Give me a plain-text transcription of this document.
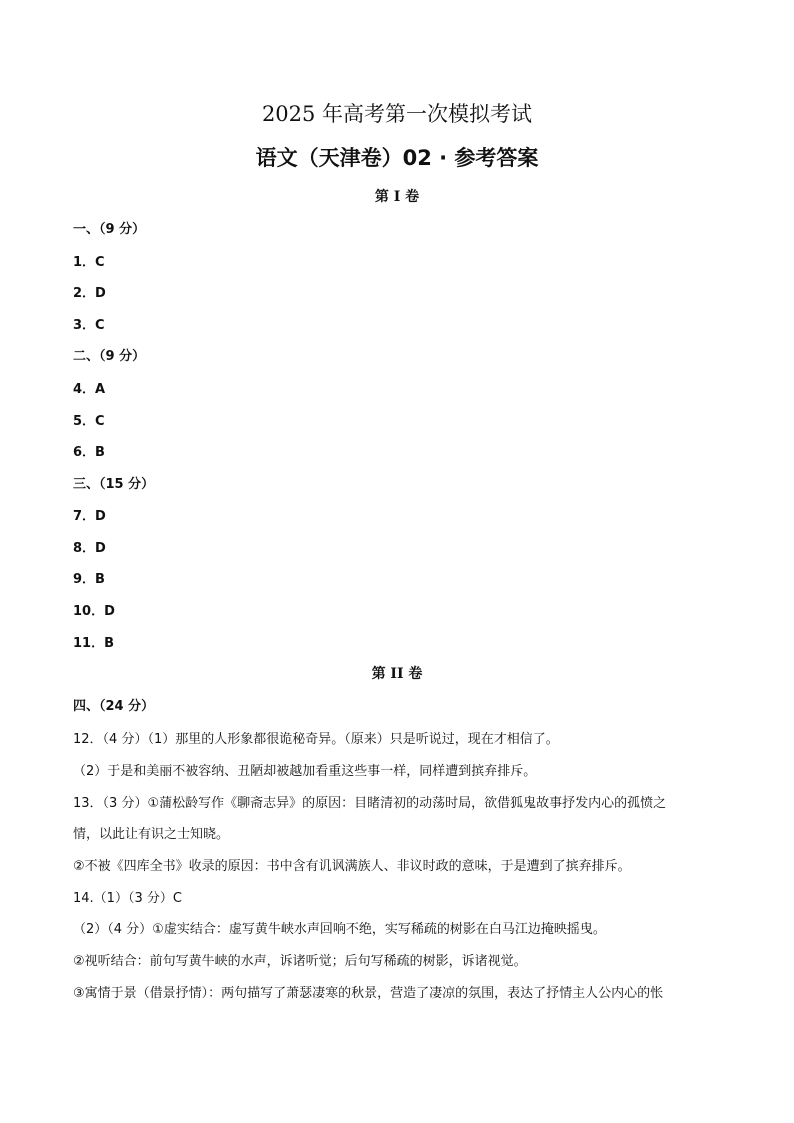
2025 年高考第一次模拟考试
语文（天津卷）02 · 参考答案
第 I 卷
一、（9 分）
1．C
2．D
3．C
二、（9 分）
4．A
5．C
6．B
三、（15 分）
7．D
8．D
9．B
10．D
11．B
第 II 卷
四、（24 分）
12．（4 分）（1）那里的人形象都很诡秘奇异。（原来）只是听说过，现在才相信了。
（2）于是和美丽不被容纳、丑陋却被越加看重这些事一样，同样遭到摈弃排斥。
13．（3 分）①蒲松龄写作《聊斋志异》的原因：目睹清初的动荡时局，欲借狐鬼故事抒发内心的孤愤之
情，以此让有识之士知晓。
②不被《四库全书》收录的原因：书中含有讥讽满族人、非议时政的意味，于是遭到了摈弃排斥。
14.（1）（3 分）C
（2）（4 分）①虚实结合：虚写黄牛峡水声回响不绝，实写稀疏的树影在白马江边掩映摇曳。
②视听结合：前句写黄牛峡的水声，诉诸听觉；后句写稀疏的树影，诉诸视觉。
③寓情于景（借景抒情）：两句描写了萧瑟凄寒的秋景，营造了凄凉的氛围，表达了抒情主人公内心的怅
